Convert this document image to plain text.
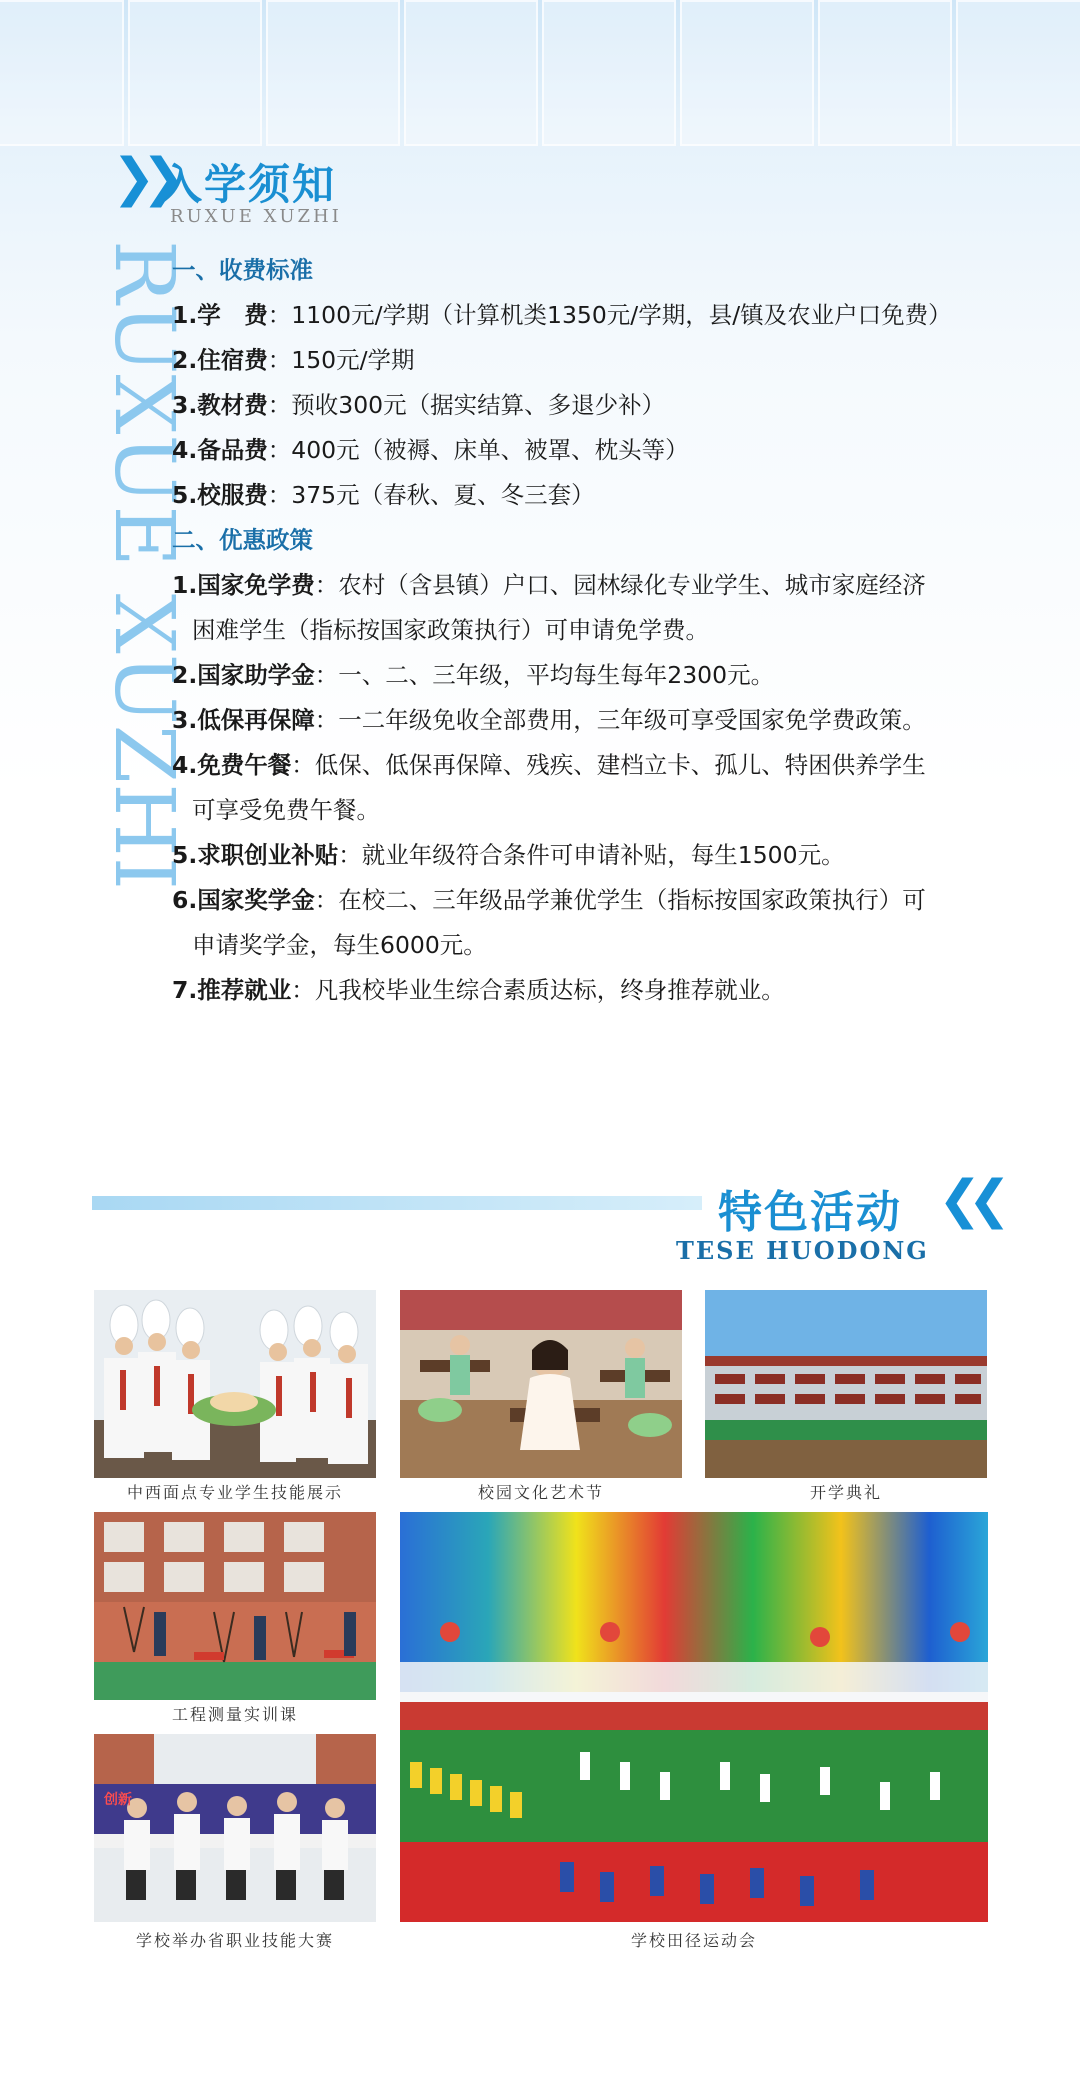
RUXUE XUZHI
❯❯
入学须知
RUXUE XUZHI
一、收费标准
1.学　费：1100元/学期（计算机类1350元/学期，县/镇及农业户口免费）
2.住宿费：150元/学期
3.教材费：预收300元（据实结算、多退少补）
4.备品费：400元（被褥、床单、被罩、枕头等）
5.校服费：375元（春秋、夏、冬三套）
二、优惠政策
1.国家免学费：农村（含县镇）户口、园林绿化专业学生、城市家庭经济
困难学生（指标按国家政策执行）可申请免学费。
2.国家助学金：一、二、三年级，平均每生每年2300元。
3.低保再保障：一二年级免收全部费用，三年级可享受国家免学费政策。
4.免费午餐：低保、低保再保障、残疾、建档立卡、孤儿、特困供养学生
可享受免费午餐。
5.求职创业补贴：就业年级符合条件可申请补贴，每生1500元。
6.国家奖学金：在校二、三年级品学兼优学生（指标按国家政策执行）可
申请奖学金，每生6000元。
7.推荐就业：凡我校毕业生综合素质达标，终身推荐就业。
特色活动 ❮❮
TESE HUODONG
中西面点专业学生技能展示	校园文化艺术节	开学典礼
工程测量实训课
创新
学校举办省职业技能大赛	学校田径运动会
